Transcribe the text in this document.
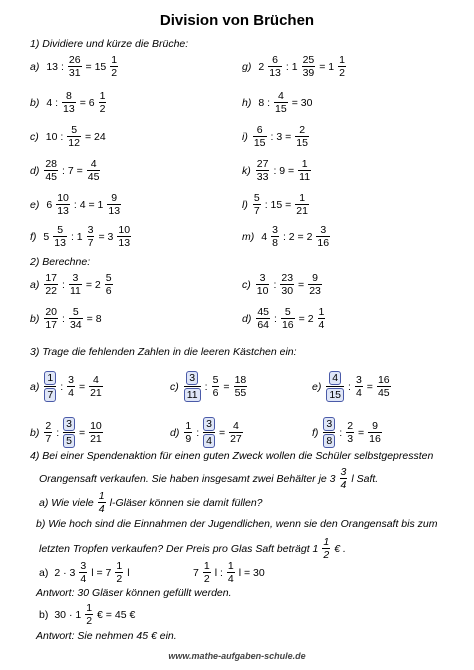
Division von Brüchen
1) Dividiere und kürze die Brüche:
a) 13 : $\frac{26}{31} = 15 \frac{1}{2}$	g) $2 \frac{6}{13}$ : $1 \frac{25}{39} = 1 \frac{1}{2}$
b) 4 : $\frac{8}{13} = 6 \frac{1}{2}$	h) 8 : $\frac{4}{15} = 30$
c) 10 : $\frac{5}{12} = 24$	$i) \frac{6}{15}$ : $3 = \frac{2}{15}$
$d) \frac{28}{45}$ : $7 = \frac{4}{45}$	$k) \frac{27}{33}$ : $9 = \frac{1}{11}$
e) $6 \frac{10}{13}$ : $4 = 1 \frac{9}{13}$	$l) \frac{5}{7}$ : $15 = \frac{1}{21}$
f) $5 \frac{5}{13}$ : $1 \frac{3}{7} = 3 \frac{10}{13}$	m) $4 \frac{3}{8}$ : $2 = 2 \frac{3}{16}$
2) Berechne:
$a) \frac{17}{22}$ : $\frac{3}{11} = 2 \frac{5}{6}$	$c) \frac{3}{10}$ : $\frac{23}{30} = \frac{9}{23}$
$b) \frac{20}{17}$ : $\frac{5}{34} = 8$	$d) \frac{45}{64}$ : $\frac{5}{16} = 2 \frac{1}{4}$
3) Trage die fehlenden Zahlen in die leeren Kästchen ein:
$a) \frac{1}{7}$ : $\frac{3}{4} = \frac{4}{21}$	$c) \frac{3}{11}$ : $\frac{5}{6} = \frac{18}{55}$	$e) \frac{4}{15}$ : $\frac{3}{4} = \frac{16}{45}$
$b) \frac{2}{7}$ : $\frac{3}{5} = \frac{10}{21}$	$d) \frac{1}{9}$ : $\frac{3}{4} = \frac{4}{27}$	$f) \frac{3}{8}$ : $\frac{2}{3} = \frac{9}{16}$
4) Bei einer Spendenaktion für einen guten Zweck wollen die Schüler selbstgepressten
Orangensaft verkaufen. Sie haben insgesamt zwei Behälter je $3 \frac{3}{4}$ l Saft.
a) Wie viele $\frac{1}{4}$ l-Gläser können sie damit füllen?
b) Wie hoch sind die Einnahmen der Jugendlichen, wenn sie den Orangensaft bis zum
letzten Tropfen verkaufen? Der Preis pro Glas Saft beträgt $1 \frac{1}{2}$ € .
a) $2 \cdot 3 \frac{3}{4}$ $l = 7 \frac{1}{2}$ l	$7 \frac{1}{2}$ l : $\frac{1}{4}$ l = 30
Antwort: 30 Gläser können gefüllt werden.
b) $30 \cdot 1 \frac{1}{2}$ € = 45 €
Antwort: Sie nehmen 45 € ein.
www.mathe-aufgaben-schule.de
